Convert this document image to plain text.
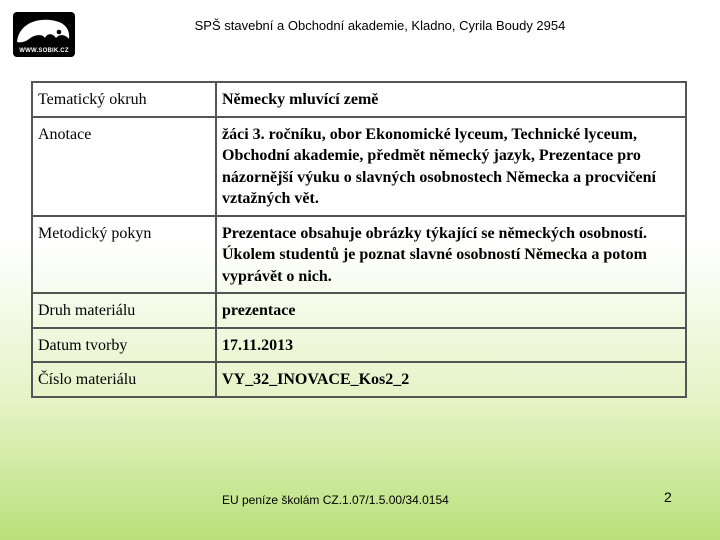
WWW.SOBIK.CZ
SPŠ stavební a Obchodní akademie, Kladno, Cyrila Boudy 2954
Tematický okruh	Německy mluvící země
Anotace	žáci 3. ročníku, obor Ekonomické lyceum, Technické lyceum, Obchodní akademie, předmět německý jazyk, Prezentace pro názornější výuku o slavných osobnostech Německa a procvičení vztažných vět.
Metodický pokyn	Prezentace obsahuje obrázky týkající se německých osobností. Úkolem studentů je poznat slavné osobností Německa a potom vyprávět o nich.
Druh materiálu	prezentace
Datum tvorby	17.11.2013
Číslo materiálu	VY_32_INOVACE_Kos2_2
EU peníze školám CZ.1.07/1.5.00/34.0154	2
